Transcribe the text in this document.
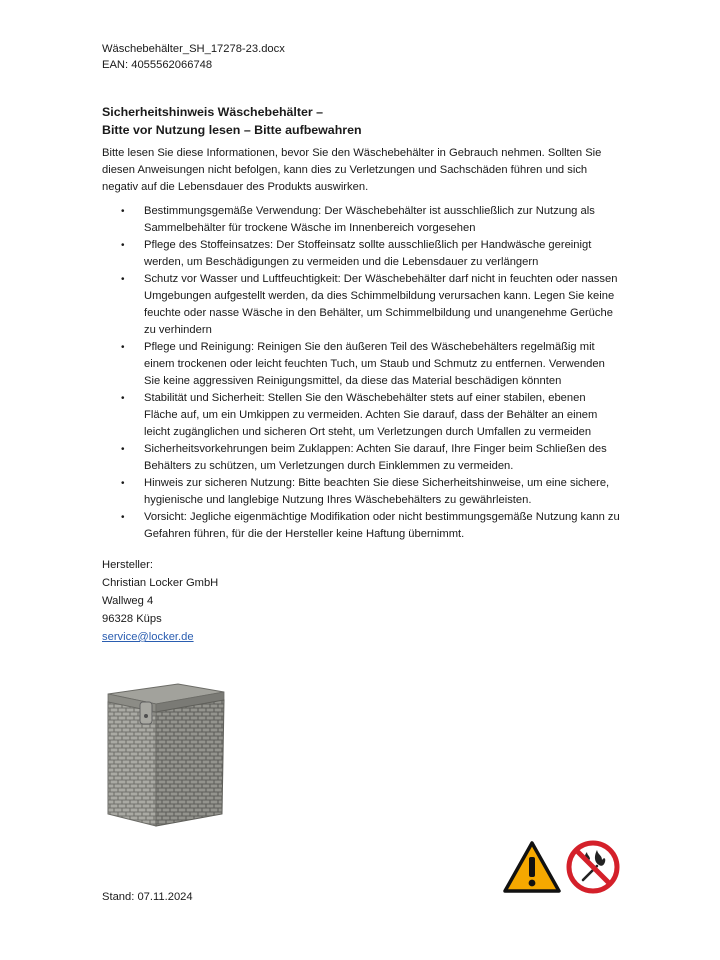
Wäschebehälter_SH_17278-23.docx
EAN: 4055562066748
Sicherheitshinweis Wäschebehälter –
Bitte vor Nutzung lesen – Bitte aufbewahren
Bitte lesen Sie diese Informationen, bevor Sie den Wäschebehälter in Gebrauch nehmen. Sollten Sie diesen Anweisungen nicht befolgen, kann dies zu Verletzungen und Sachschäden führen und sich negativ auf die Lebensdauer des Produkts auswirken.
• Bestimmungsgemäße Verwendung: Der Wäschebehälter ist ausschließlich zur Nutzung als Sammelbehälter für trockene Wäsche im Innenbereich vorgesehen
• Pflege des Stoffeinsatzes: Der Stoffeinsatz sollte ausschließlich per Handwäsche gereinigt werden, um Beschädigungen zu vermeiden und die Lebensdauer zu verlängern
• Schutz vor Wasser und Luftfeuchtigkeit: Der Wäschebehälter darf nicht in feuchten oder nassen Umgebungen aufgestellt werden, da dies Schimmelbildung verursachen kann. Legen Sie keine feuchte oder nasse Wäsche in den Behälter, um Schimmelbildung und unangenehme Gerüche zu verhindern
• Pflege und Reinigung: Reinigen Sie den äußeren Teil des Wäschebehälters regelmäßig mit einem trockenen oder leicht feuchten Tuch, um Staub und Schmutz zu entfernen. Verwenden Sie keine aggressiven Reinigungsmittel, da diese das Material beschädigen könnten
• Stabilität und Sicherheit: Stellen Sie den Wäschebehälter stets auf einer stabilen, ebenen Fläche auf, um ein Umkippen zu vermeiden. Achten Sie darauf, dass der Behälter an einem leicht zugänglichen und sicheren Ort steht, um Verletzungen durch Umfallen zu vermeiden
• Sicherheitsvorkehrungen beim Zuklappen: Achten Sie darauf, Ihre Finger beim Schließen des Behälters zu schützen, um Verletzungen durch Einklemmen zu vermeiden.
• Hinweis zur sicheren Nutzung: Bitte beachten Sie diese Sicherheitshinweise, um eine sichere, hygienische und langlebige Nutzung Ihres Wäschebehälters zu gewährleisten.
• Vorsicht: Jegliche eigenmächtige Modifikation oder nicht bestimmungsgemäße Nutzung kann zu Gefahren führen, für die der Hersteller keine Haftung übernimmt.
Hersteller:
Christian Locker GmbH
Wallweg 4
96328 Küps
service@locker.de
Stand: 07.11.2024
